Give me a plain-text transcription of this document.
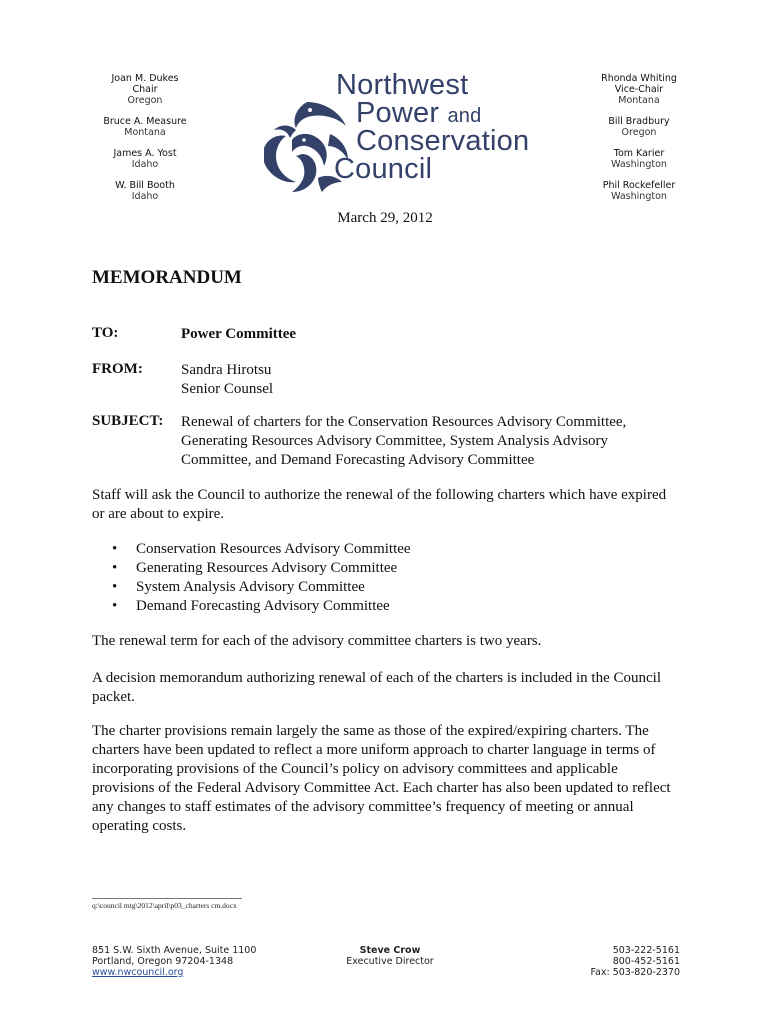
Joan M. Dukes
Chair
Oregon
Bruce A. Measure
Montana
James A. Yost
Idaho
W. Bill Booth
Idaho
Northwest
Power and
Conservation
Council
Rhonda Whiting
Vice-Chair
Montana
Bill Bradbury
Oregon
Tom Karier
Washington
Phil Rockefeller
Washington
March 29, 2012
MEMORANDUM
TO:	Power Committee
FROM:	Sandra Hirotsu
Senior Counsel
SUBJECT: Renewal of charters for the Conservation Resources Advisory Committee,
Generating Resources Advisory Committee, System Analysis Advisory
Committee, and Demand Forecasting Advisory Committee
Staff will ask the Council to authorize the renewal of the following charters which have expired
or are about to expire.
• Conservation Resources Advisory Committee
• Generating Resources Advisory Committee
• System Analysis Advisory Committee
• Demand Forecasting Advisory Committee
The renewal term for each of the advisory committee charters is two years.
A decision memorandum authorizing renewal of each of the charters is included in the Council
packet.
The charter provisions remain largely the same as those of the expired/expiring charters. The
charters have been updated to reflect a more uniform approach to charter language in terms of
incorporating provisions of the Council’s policy on advisory committees and applicable
provisions of the Federal Advisory Committee Act. Each charter has also been updated to reflect
any changes to staff estimates of the advisory committee’s frequency of meeting or annual
operating costs.
q:\council mtg\2012\april\p03_charters cm.docx
851 S.W. Sixth Avenue, Suite 1100
Portland, Oregon 97204-1348
www.nwcouncil.org
Steve Crow
Executive Director
503-222-5161
800-452-5161
Fax: 503-820-2370
